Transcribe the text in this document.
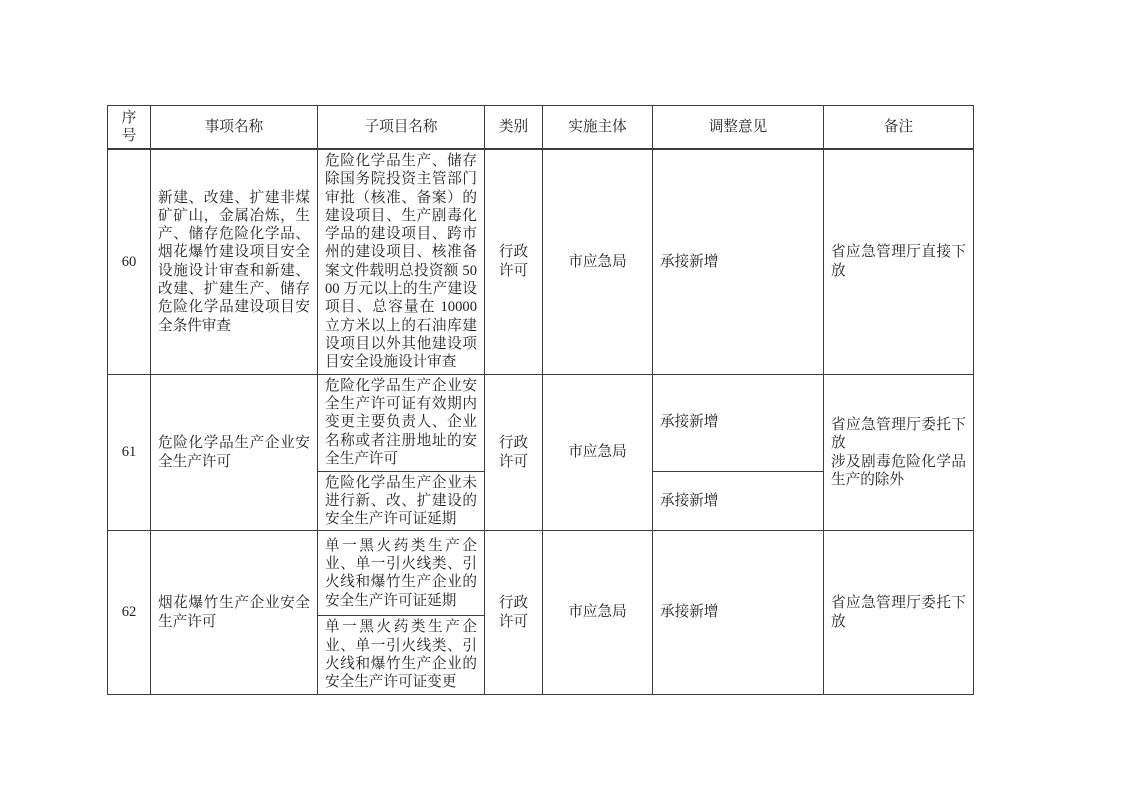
序号	事项名称	子项目名称	类别	实施主体	调整意见	备注
60	新建、改建、扩建非煤矿矿山，金属冶炼，生产、储存危险化学品、烟花爆竹建设项目安全设施设计审查和新建、改建、扩建生产、储存危险化学品建设项目安全条件审查	危险化学品生产、储存除国务院投资主管部门审批（核准、备案）的建设项目、生产剧毒化学品的建设项目、跨市州的建设项目、核准备案文件载明总投资额 5000 万元以上的生产建设项目、总容量在 10000 立方米以上的石油库建设项目以外其他建设项目安全设施设计审查	行政许可	市应急局	承接新增	省应急管理厅直接下放
61	危险化学品生产企业安全生产许可	危险化学品生产企业安全生产许可证有效期内变更主要负责人、企业名称或者注册地址的安全生产许可	行政许可	市应急局	承接新增	省应急管理厅委托下放
涉及剧毒危险化学品生产的除外

		危险化学品生产企业未进行新、改、扩建设的安全生产许可证延期			承接新增	
62	烟花爆竹生产企业安全生产许可	单一黑火药类生产企业、单一引火线类、引火线和爆竹生产企业的安全生产许可证延期	行政许可	市应急局	承接新增	省应急管理厅委托下放
		单一黑火药类生产企业、单一引火线类、引火线和爆竹生产企业的安全生产许可证变更				
